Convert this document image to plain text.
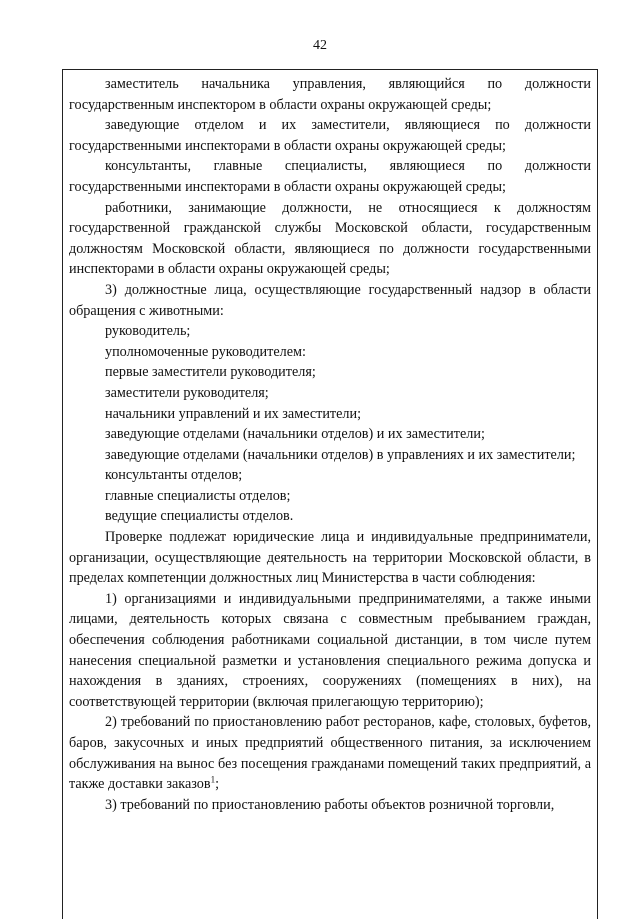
42

заместитель начальника управления, являющийся по должности государственным инспектором в области охраны окружающей среды;

заведующие отделом и их заместители, являющиеся по должности государственными инспекторами в области охраны окружающей среды;

консультанты, главные специалисты, являющиеся по должности государственными инспекторами в области охраны окружающей среды;

работники, занимающие должности, не относящиеся к должностям государственной гражданской службы Московской области, государственным должностям Московской области, являющиеся по должности государственными инспекторами в области охраны окружающей среды;

3) должностные лица, осуществляющие государственный надзор в области обращения с животными:

руководитель;

уполномоченные руководителем:

первые заместители руководителя;

заместители руководителя;

начальники управлений и их заместители;

заведующие отделами (начальники отделов) и их заместители;

заведующие отделами (начальники отделов) в управлениях и их заместители;

консультанты отделов;

главные специалисты отделов;

ведущие специалисты отделов.

Проверке подлежат юридические лица и индивидуальные предприниматели, организации, осуществляющие деятельность на территории Московской области, в пределах компетенции должностных лиц Министерства в части соблюдения:

1) организациями и индивидуальными предпринимателями, а также иными лицами, деятельность которых связана с совместным пребыванием граждан, обеспечения соблюдения работниками социальной дистанции, в том числе путем нанесения специальной разметки и установления специального режима допуска и нахождения в зданиях, строениях, сооружениях (помещениях в них), на соответствующей территории (включая прилегающую территорию);

2) требований по приостановлению работ ресторанов, кафе, столовых, буфетов, баров, закусочных и иных предприятий общественного питания, за исключением обслуживания на вынос без посещения гражданами помещений таких предприятий, а также доставки заказов$^1$;

3) требований по приостановлению работы объектов розничной торговли,
